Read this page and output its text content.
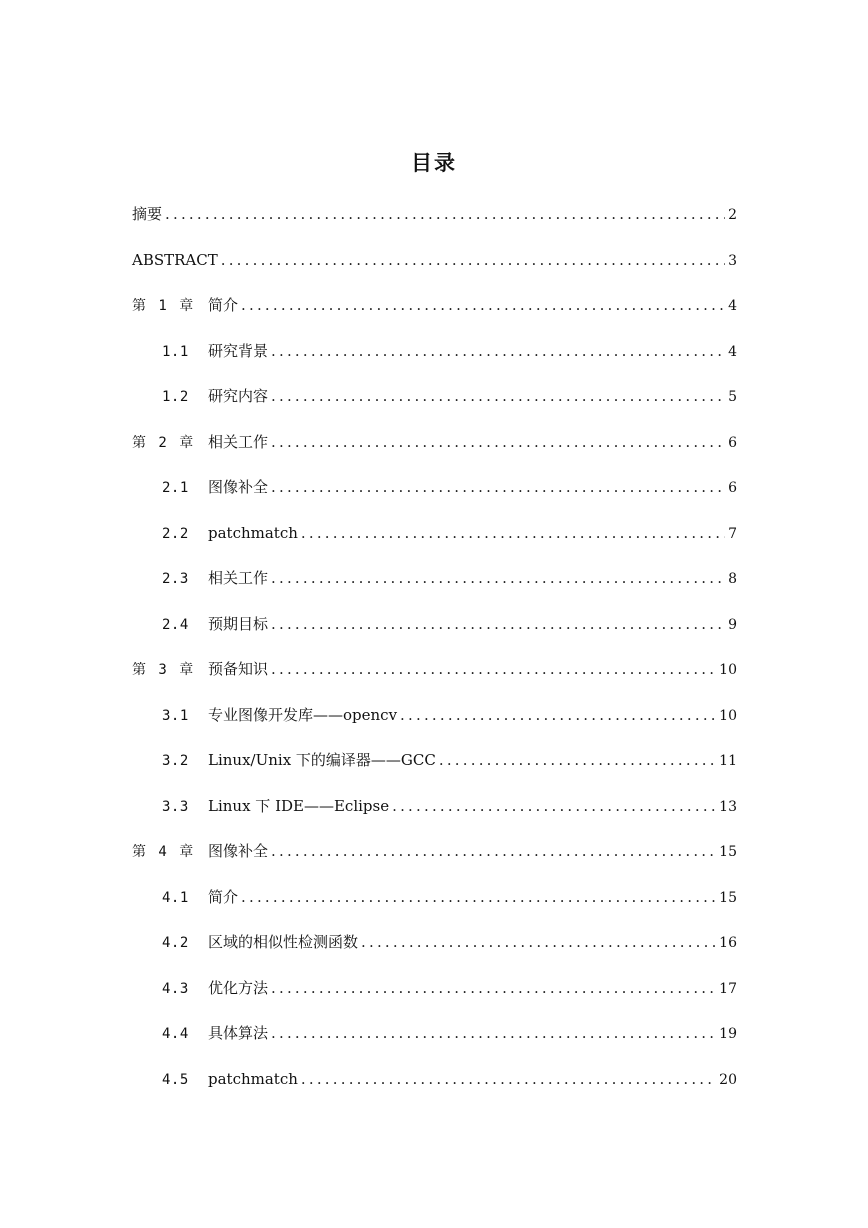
目录
摘要 .....	2
ABSTRACT .....	3
第 1 章 简介 .....	4
1.1	研究背景 .....	4
1.2	研究内容 .....	5
第 2 章 相关工作 .....	6
2.1	图像补全 .....	6
2.2	patchmatch .....	7
2.3	相关工作 .....	8
2.4	预期目标 .....	9
第 3 章 预备知识 .....	10
3.1	专业图像开发库——opencv .....	10
3.2	Linux/Unix 下的编译器——GCC .....	11
3.3	Linux 下 IDE——Eclipse .....	13
第 4 章 图像补全 .....	15
4.1	简介 .....	15
4.2	区域的相似性检测函数 .....	16
4.3	优化方法 .....	17
4.4	具体算法 .....	19
4.5	patchmatch .....	20
